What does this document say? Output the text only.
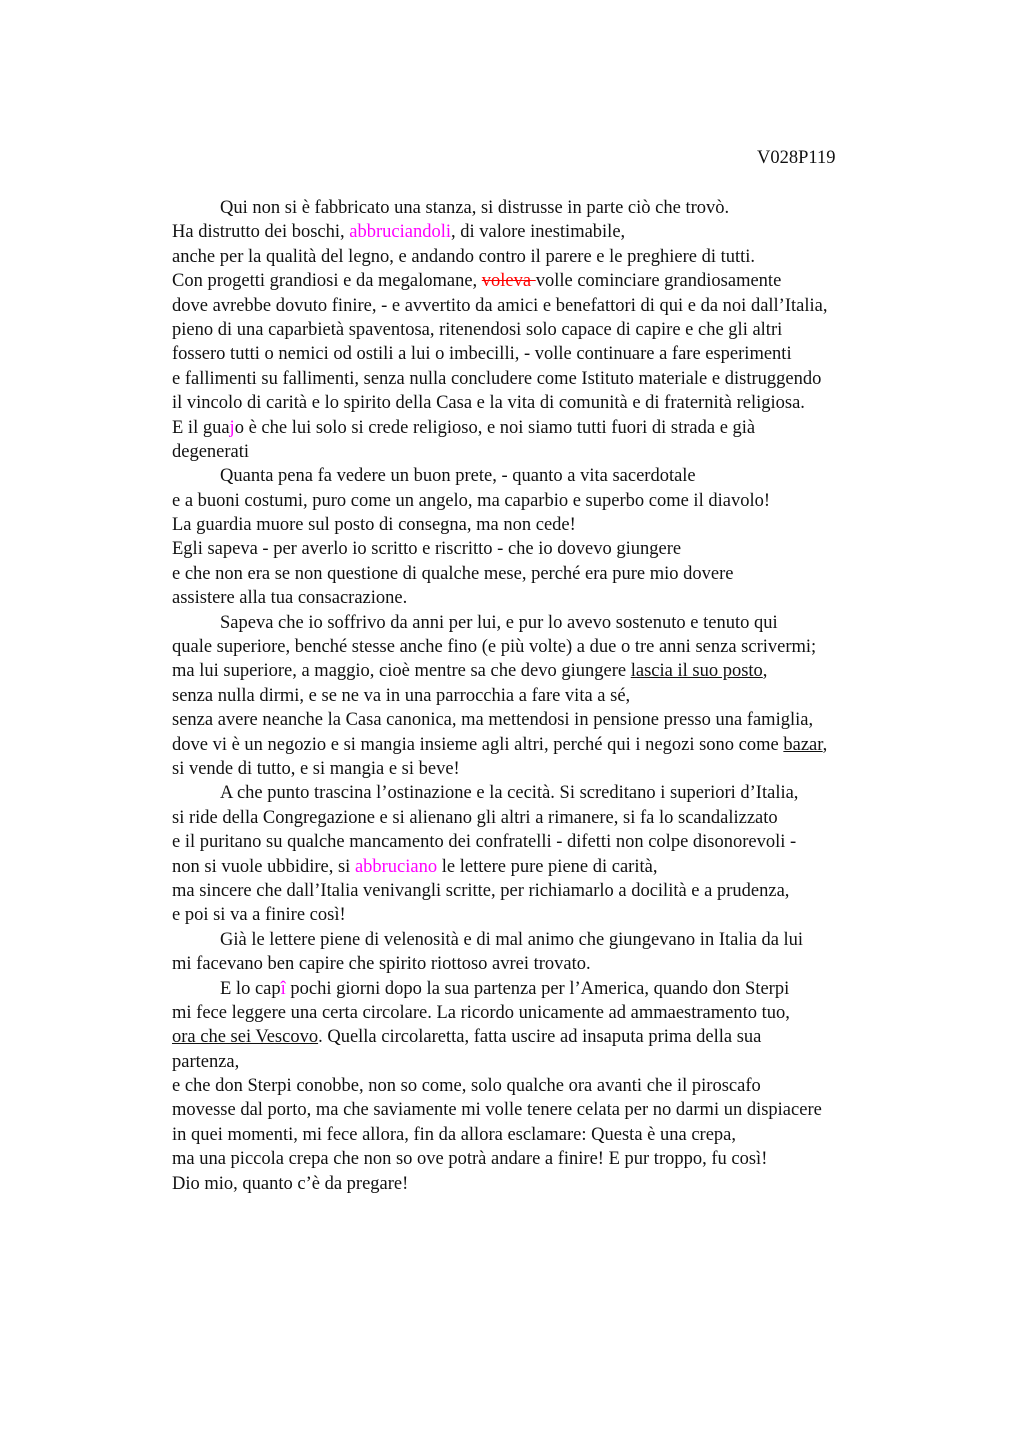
V028P119
Qui non si è fabbricato una stanza, si distrusse in parte ciò che trovò.
Ha distrutto dei boschi, abbruciandoli, di valore inestimabile,
anche per la qualità del legno, e andando contro il parere e le preghiere di tutti.
Con progetti grandiosi e da megalomane, voleva volle cominciare grandiosamente
dove avrebbe dovuto finire, - e avvertito da amici e benefattori di qui e da noi dall’Italia,
pieno di una caparbietà spaventosa, ritenendosi solo capace di capire e che gli altri
fossero tutti o nemici od ostili a lui o imbecilli, - volle continuare a fare esperimenti
e fallimenti su fallimenti, senza nulla concludere come Istituto materiale e distruggendo
il vincolo di carità e lo spirito della Casa e la vita di comunità e di fraternità religiosa.
E il guajo è che lui solo si crede religioso, e noi siamo tutti fuori di strada e già
degenerati
Quanta pena fa vedere un buon prete, - quanto a vita sacerdotale
e a buoni costumi, puro come un angelo, ma caparbio e superbo come il diavolo!
La guardia muore sul posto di consegna, ma non cede!
Egli sapeva - per averlo io scritto e riscritto - che io dovevo giungere
e che non era se non questione di qualche mese, perché era pure mio dovere
assistere alla tua consacrazione.
Sapeva che io soffrivo da anni per lui, e pur lo avevo sostenuto e tenuto qui
quale superiore, benché stesse anche fino (e più volte) a due o tre anni senza scrivermi;
ma lui superiore, a maggio, cioè mentre sa che devo giungere lascia il suo posto,
senza nulla dirmi, e se ne va in una parrocchia a fare vita a sé,
senza avere neanche la Casa canonica, ma mettendosi in pensione presso una famiglia,
dove vi è un negozio e si mangia insieme agli altri, perché qui i negozi sono come bazar,
si vende di tutto, e si mangia e si beve!
A che punto trascina l’ostinazione e la cecità. Si screditano i superiori d’Italia,
si ride della Congregazione e si alienano gli altri a rimanere, si fa lo scandalizzato
e il puritano su qualche mancamento dei confratelli - difetti non colpe disonorevoli -
non si vuole ubbidire, si abbruciano le lettere pure piene di carità,
ma sincere che dall’Italia venivangli scritte, per richiamarlo a docilità e a prudenza,
e poi si va a finire così!
Già le lettere piene di velenosità e di mal animo che giungevano in Italia da lui
mi facevano ben capire che spirito riottoso avrei trovato.
E lo capî pochi giorni dopo la sua partenza per l’America, quando don Sterpi
mi fece leggere una certa circolare. La ricordo unicamente ad ammaestramento tuo,
ora che sei Vescovo. Quella circolaretta, fatta uscire ad insaputa prima della sua
partenza,
e che don Sterpi conobbe, non so come, solo qualche ora avanti che il piroscafo
movesse dal porto, ma che saviamente mi volle tenere celata per no darmi un dispiacere
in quei momenti, mi fece allora, fin da allora esclamare: Questa è una crepa,
ma una piccola crepa che non so ove potrà andare a finire! E pur troppo, fu così!
Dio mio, quanto c’è da pregare!
